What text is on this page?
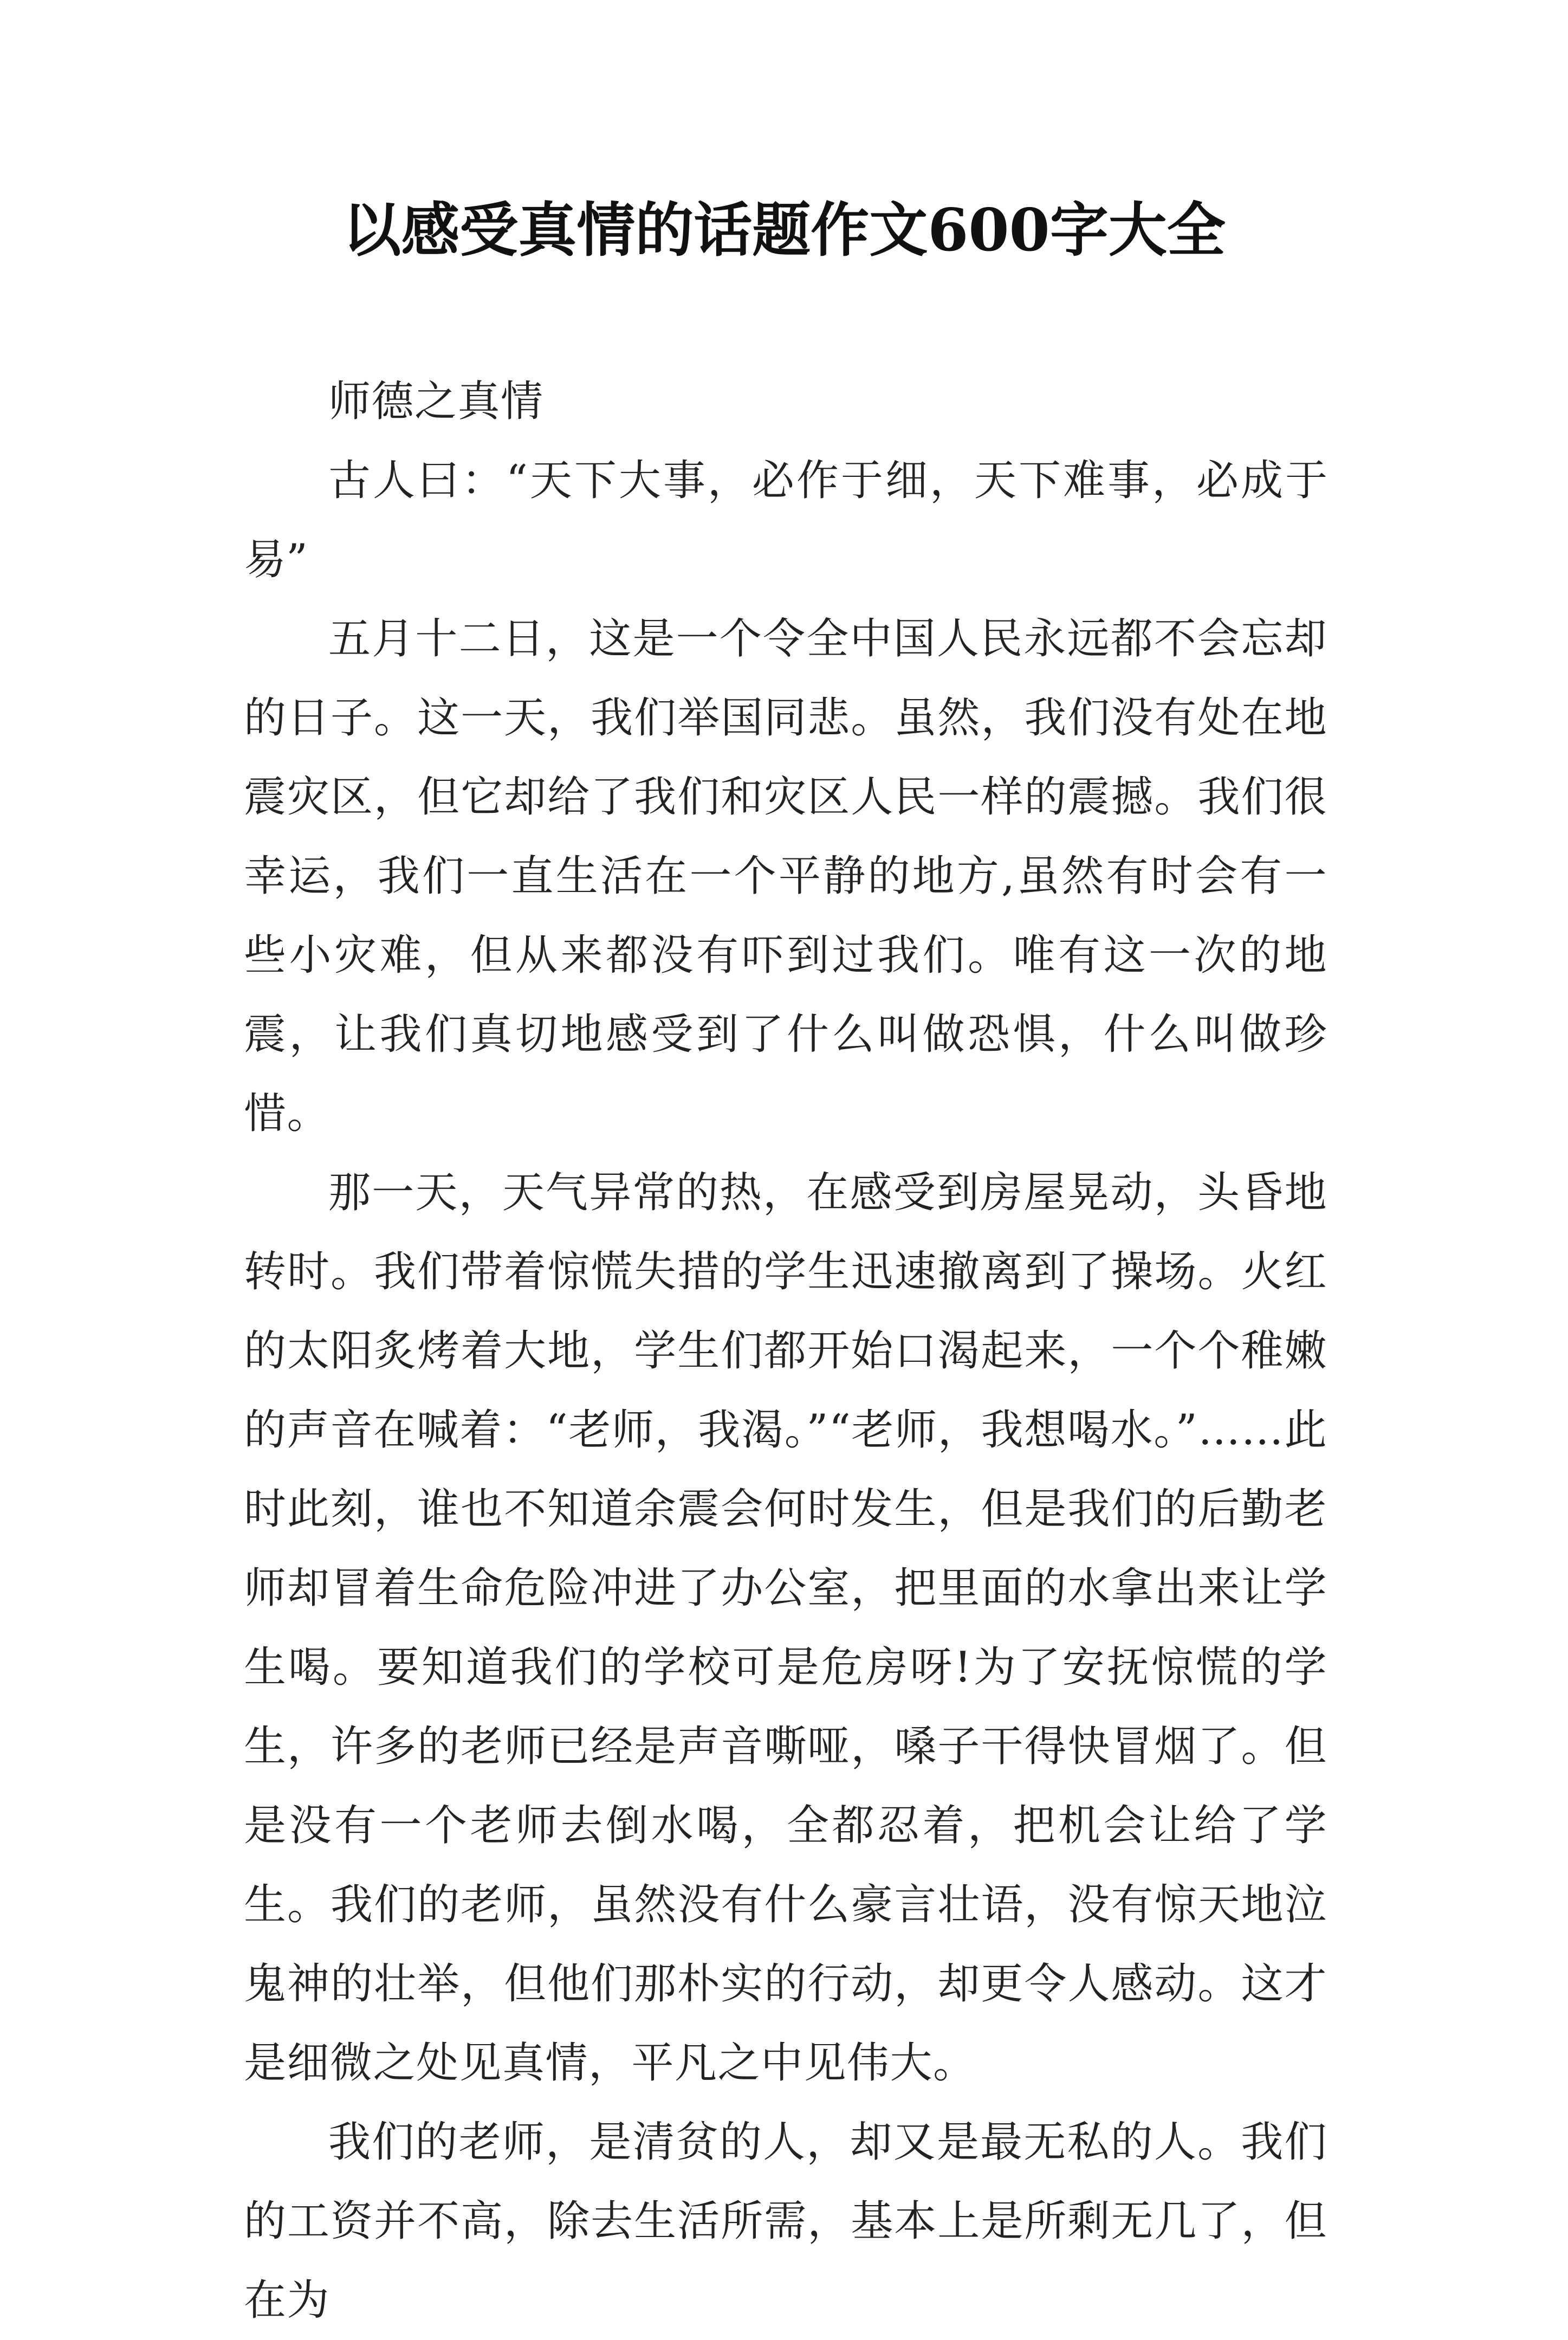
以感受真情的话题作文600字大全

师德之真情

古人曰：“天下大事，必作于细，天下难事，必成于易”

五月十二日，这是一个令全中国人民永远都不会忘却的日子。这一天，我们举国同悲。虽然，我们没有处在地震灾区，但它却给了我们和灾区人民一样的震撼。我们很幸运，我们一直生活在一个平静的地方,虽然有时会有一些小灾难，但从来都没有吓到过我们。唯有这一次的地震，让我们真切地感受到了什么叫做恐惧，什么叫做珍惜。

那一天，天气异常的热，在感受到房屋晃动，头昏地转时。我们带着惊慌失措的学生迅速撤离到了操场。火红的太阳炙烤着大地，学生们都开始口渴起来，一个个稚嫩的声音在喊着：“老师，我渴。”“老师，我想喝水。”……此时此刻，谁也不知道余震会何时发生，但是我们的后勤老师却冒着生命危险冲进了办公室，把里面的水拿出来让学生喝。要知道我们的学校可是危房呀!为了安抚惊慌的学生，许多的老师已经是声音嘶哑，嗓子干得快冒烟了。但是没有一个老师去倒水喝，全都忍着，把机会让给了学生。我们的老师，虽然没有什么豪言壮语，没有惊天地泣鬼神的壮举，但他们那朴实的行动，却更令人感动。这才是细微之处见真情，平凡之中见伟大。

我们的老师，是清贫的人，却又是最无私的人。我们的工资并不高，除去生活所需，基本上是所剩无几了，但在为
